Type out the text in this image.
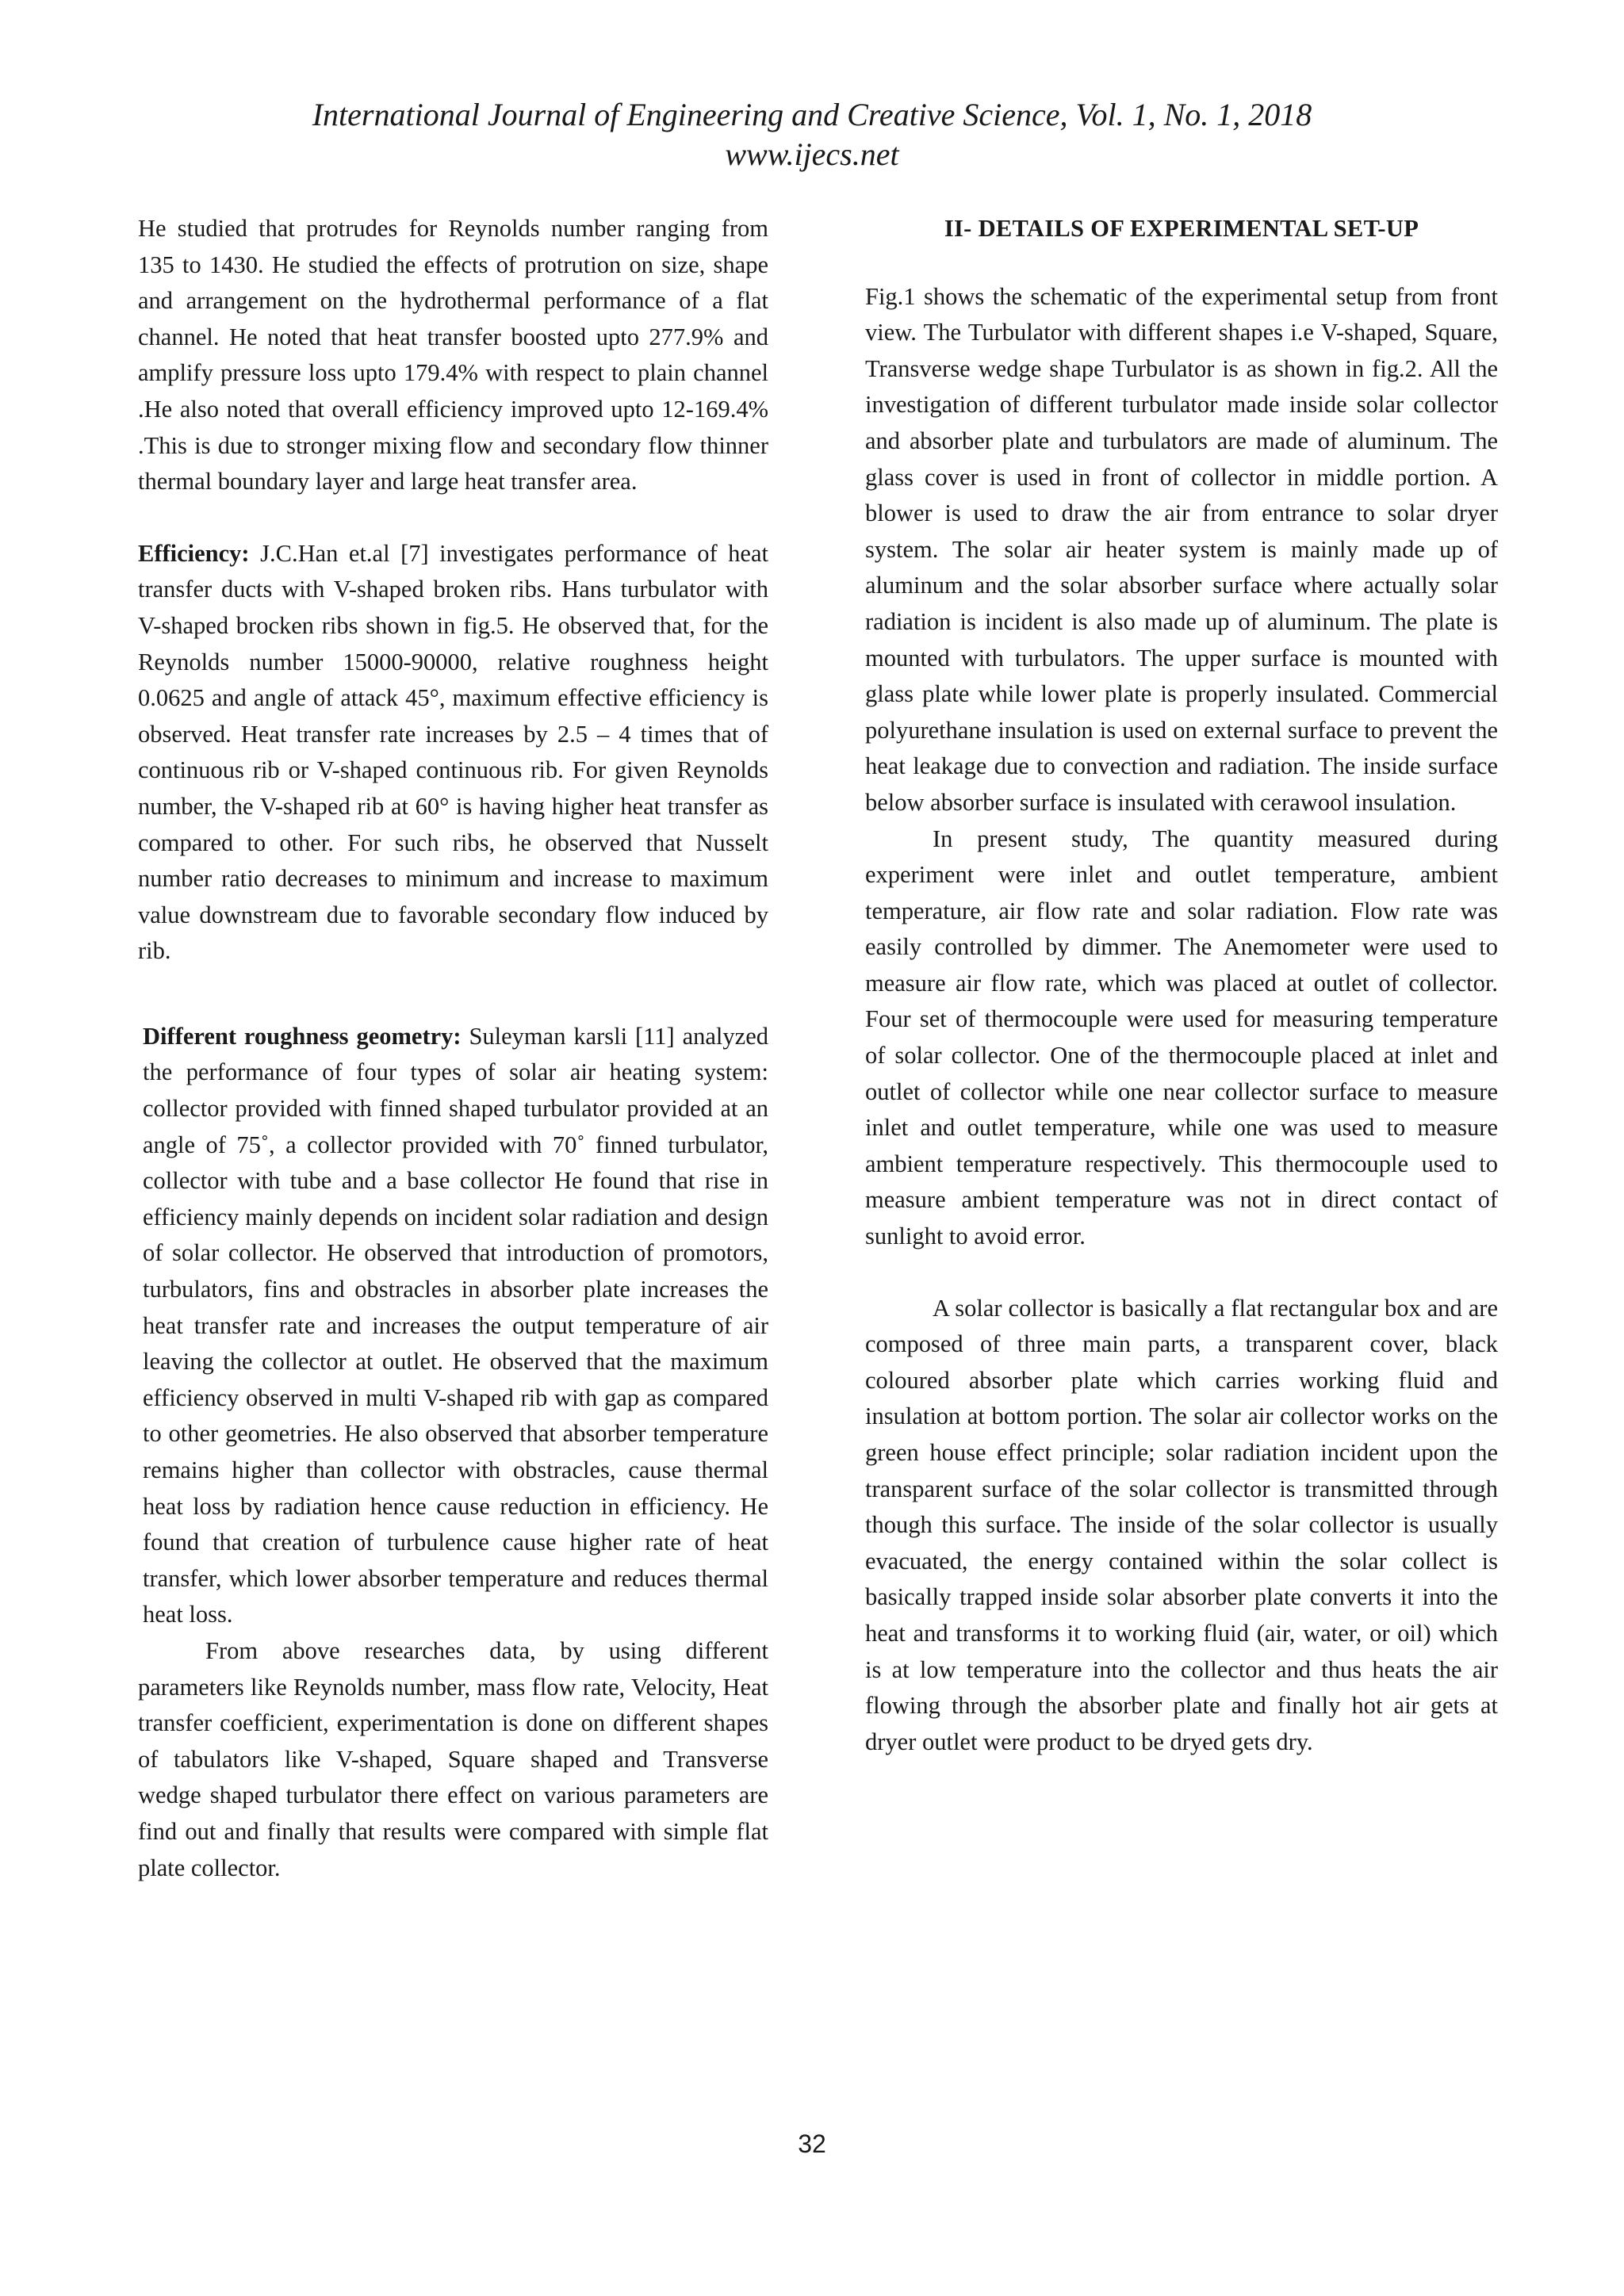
International Journal of Engineering and Creative Science, Vol. 1, No. 1, 2018
www.ijecs.net

He studied that protrudes for Reynolds number ranging from 135 to 1430. He studied the effects of protrution on size, shape and arrangement on the hydrothermal performance of a flat channel. He noted that heat transfer boosted upto 277.9% and amplify pressure loss upto 179.4% with respect to plain channel .He also noted that overall efficiency improved upto 12-169.4% .This is due to stronger mixing flow and secondary flow thinner thermal boundary layer and large heat transfer area.

Efficiency: J.C.Han et.al [7] investigates performance of heat transfer ducts with V-shaped broken ribs. Hans turbulator with V-shaped brocken ribs shown in fig.5. He observed that, for the Reynolds number 15000-90000, relative roughness height 0.0625 and angle of attack 45°, maximum effective efficiency is observed. Heat transfer rate increases by 2.5 – 4 times that of continuous rib or V-shaped continuous rib. For given Reynolds number, the V-shaped rib at 60° is having higher heat transfer as compared to other. For such ribs, he observed that Nusselt number ratio decreases to minimum and increase to maximum value downstream due to favorable secondary flow induced by rib.

Different roughness geometry: Suleyman karsli [11] analyzed the performance of four types of solar air heating system: collector provided with finned shaped turbulator provided at an angle of 75˚, a collector provided with 70˚ finned turbulator, collector with tube and a base collector He found that rise in efficiency mainly depends on incident solar radiation and design of solar collector. He observed that introduction of promotors, turbulators, fins and obstracles in absorber plate increases the heat transfer rate and increases the output temperature of air leaving the collector at outlet. He observed that the maximum efficiency observed in multi V-shaped rib with gap as compared to other geometries. He also observed that absorber temperature remains higher than collector with obstracles, cause thermal heat loss by radiation hence cause reduction in efficiency. He found that creation of turbulence cause higher rate of heat transfer, which lower absorber temperature and reduces thermal heat loss.

From above researches data, by using different parameters like Reynolds number, mass flow rate, Velocity, Heat transfer coefficient, experimentation is done on different shapes of tabulators like V-shaped, Square shaped and Transverse wedge shaped turbulator there effect on various parameters are find out and finally that results were compared with simple flat plate collector.

II- DETAILS OF EXPERIMENTAL SET-UP

Fig.1 shows the schematic of the experimental setup from front view. The Turbulator with different shapes i.e V-shaped, Square, Transverse wedge shape Turbulator is as shown in fig.2. All the investigation of different turbulator made inside solar collector and absorber plate and turbulators are made of aluminum. The glass cover is used in front of collector in middle portion. A blower is used to draw the air from entrance to solar dryer system. The solar air heater system is mainly made up of aluminum and the solar absorber surface where actually solar radiation is incident is also made up of aluminum. The plate is mounted with turbulators. The upper surface is mounted with glass plate while lower plate is properly insulated. Commercial polyurethane insulation is used on external surface to prevent the heat leakage due to convection and radiation. The inside surface below absorber surface is insulated with cerawool insulation.

In present study, The quantity measured during experiment were inlet and outlet temperature, ambient temperature, air flow rate and solar radiation. Flow rate was easily controlled by dimmer. The Anemometer were used to measure air flow rate, which was placed at outlet of collector. Four set of thermocouple were used for measuring temperature of solar collector. One of the thermocouple placed at inlet and outlet of collector while one near collector surface to measure inlet and outlet temperature, while one was used to measure ambient temperature respectively. This thermocouple used to measure ambient temperature was not in direct contact of sunlight to avoid error.

A solar collector is basically a flat rectangular box and are composed of three main parts, a transparent cover, black coloured absorber plate which carries working fluid and insulation at bottom portion. The solar air collector works on the green house effect principle; solar radiation incident upon the transparent surface of the solar collector is transmitted through though this surface. The inside of the solar collector is usually evacuated, the energy contained within the solar collect is basically trapped inside solar absorber plate converts it into the heat and transforms it to working fluid (air, water, or oil) which is at low temperature into the collector and thus heats the air flowing through the absorber plate and finally hot air gets at dryer outlet were product to be dryed gets dry.

32
